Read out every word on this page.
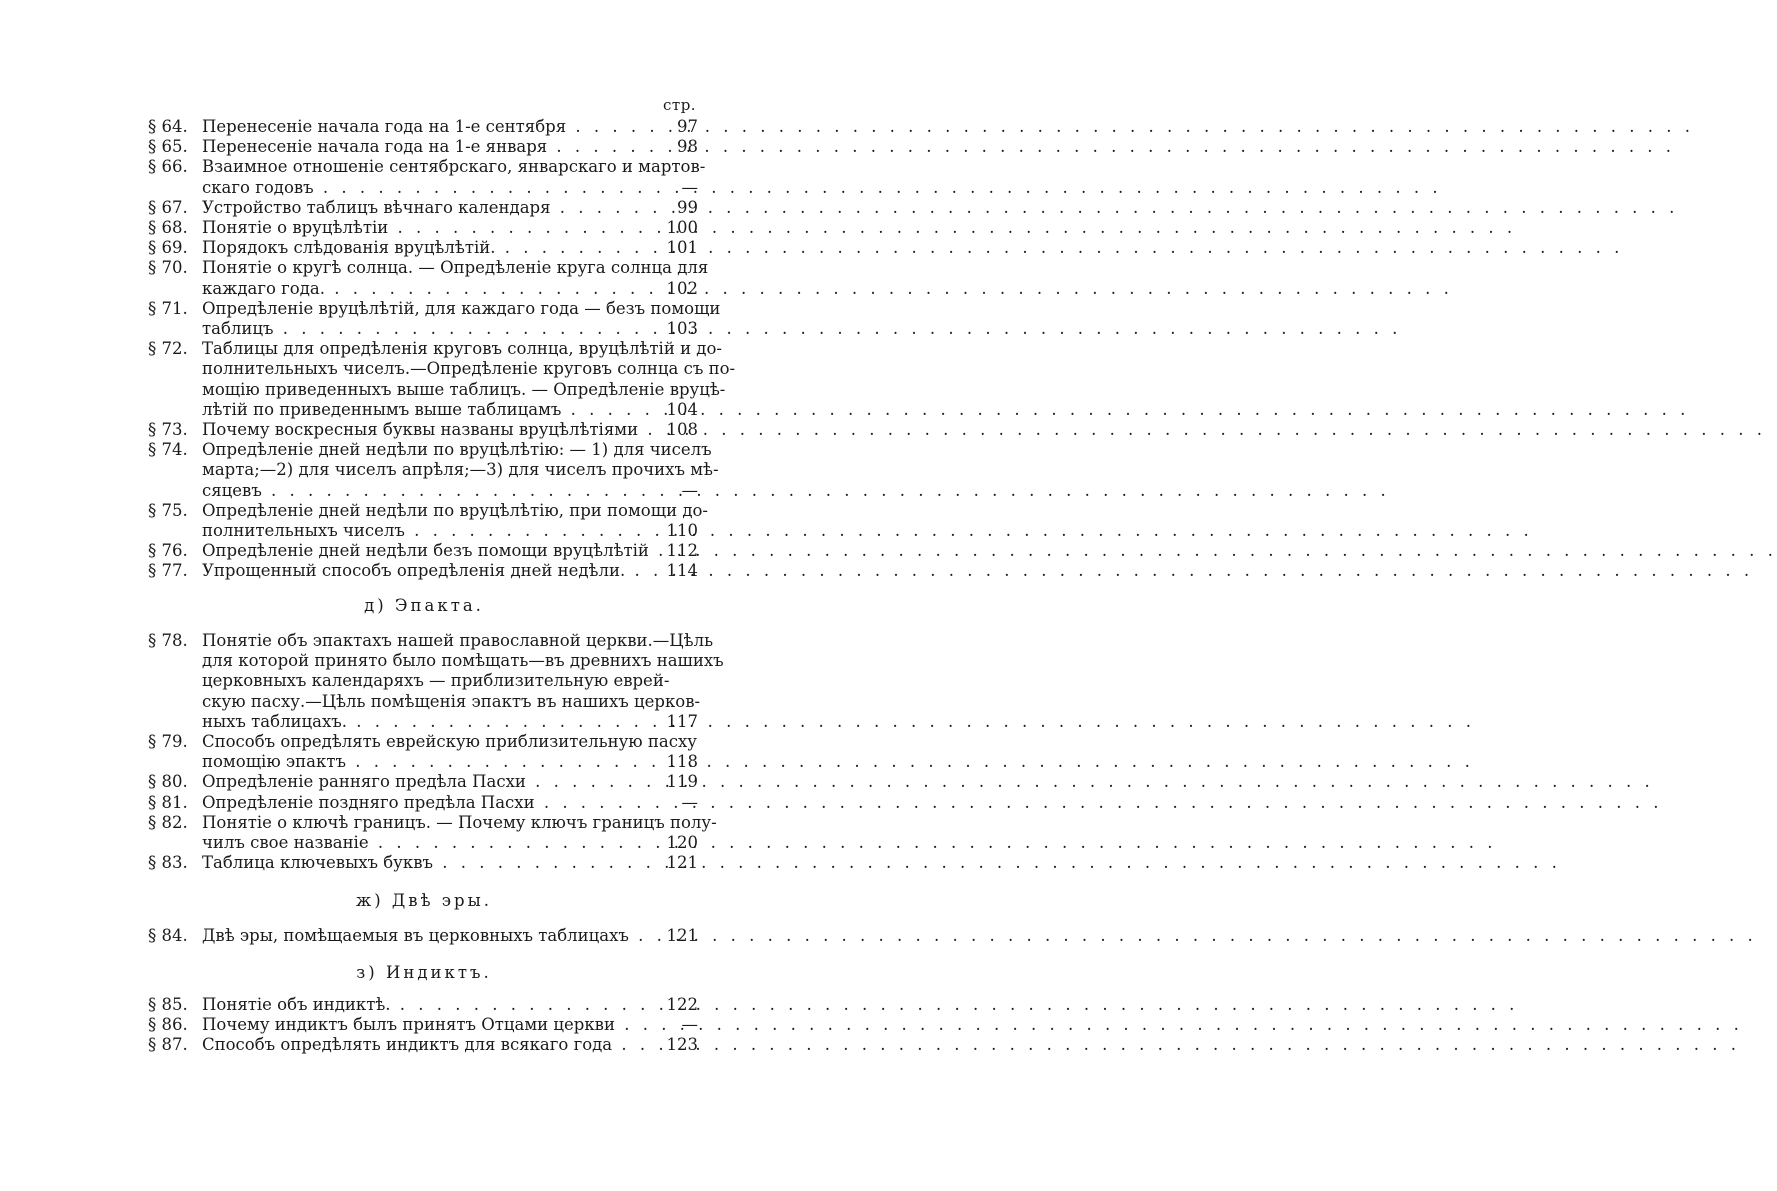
стр.
§ 64. Перенесеніе начала года на 1-е сентября . . .	97
§ 65. Перенесеніе начала года на 1-е января . . .	98
§ 66. Взаимное отношеніе сентябрскаго, январскаго и мартов-
скаго годовъ . . .	—
§ 67. Устройство таблицъ вѣчнаго календаря . . .	99
§ 68. Понятіе о вруцѣлѣтіи . . .	100
§ 69. Порядокъ слѣдованія вруцѣлѣтій. . . .	101
§ 70. Понятіе о кругѣ солнца. — Опредѣленіе круга солнца для
каждаго года. . . .	102
§ 71. Опредѣленіе вруцѣлѣтій, для каждаго года — безъ помощи
таблицъ . . .	103
§ 72. Таблицы для опредѣленія круговъ солнца, вруцѣлѣтій и до-
полнительныхъ чиселъ.—Опредѣленіе круговъ солнца съ по-
мощію приведенныхъ выше таблицъ. — Опредѣленіе вруцѣ-
лѣтій по приведеннымъ выше таблицамъ . . .	104
§ 73. Почему воскресныя буквы названы вруцѣлѣтіями . . .	108
§ 74. Опредѣленіе дней недѣли по вруцѣлѣтію: — 1) для чиселъ
марта;—2) для чиселъ апрѣля;—3) для чиселъ прочихъ мѣ-
сяцевъ . . .	—
§ 75. Опредѣленіе дней недѣли по вруцѣлѣтію, при помощи до-
полнительныхъ чиселъ . . .	110
§ 76. Опредѣленіе дней недѣли безъ помощи вруцѣлѣтій . . .	112
§ 77. Упрощенный способъ опредѣленія дней недѣли. . . .	114
д) Эпакта.
§ 78. Понятіе объ эпактахъ нашей православной церкви.—Цѣль
для которой принято было помѣщать—въ древнихъ нашихъ
церковныхъ календаряхъ — приблизительную еврей-
скую пасху.—Цѣль помѣщенія эпактъ въ нашихъ церков-
ныхъ таблицахъ. . . .	117
§ 79. Способъ опредѣлять еврейскую приблизительную пасху
помощію эпактъ . . .	118
§ 80. Опредѣленіе ранняго предѣла Пасхи . . .	119
§ 81. Опредѣленіе поздняго предѣла Пасхи . . .	—
§ 82. Понятіе о ключѣ границъ. — Почему ключъ границъ полу-
чилъ свое названіе . . .	120
§ 83. Таблица ключевыхъ буквъ . . .	121
ж) Двѣ эры.
§ 84. Двѣ эры, помѣщаемыя въ церковныхъ таблицахъ . . .	121
з) Индиктъ.
§ 85. Понятіе объ индиктѣ. . . .	122
§ 86. Почему индиктъ былъ принятъ Отцами церкви . . .	—
§ 87. Способъ опредѣлять индиктъ для всякаго года . . .	123
